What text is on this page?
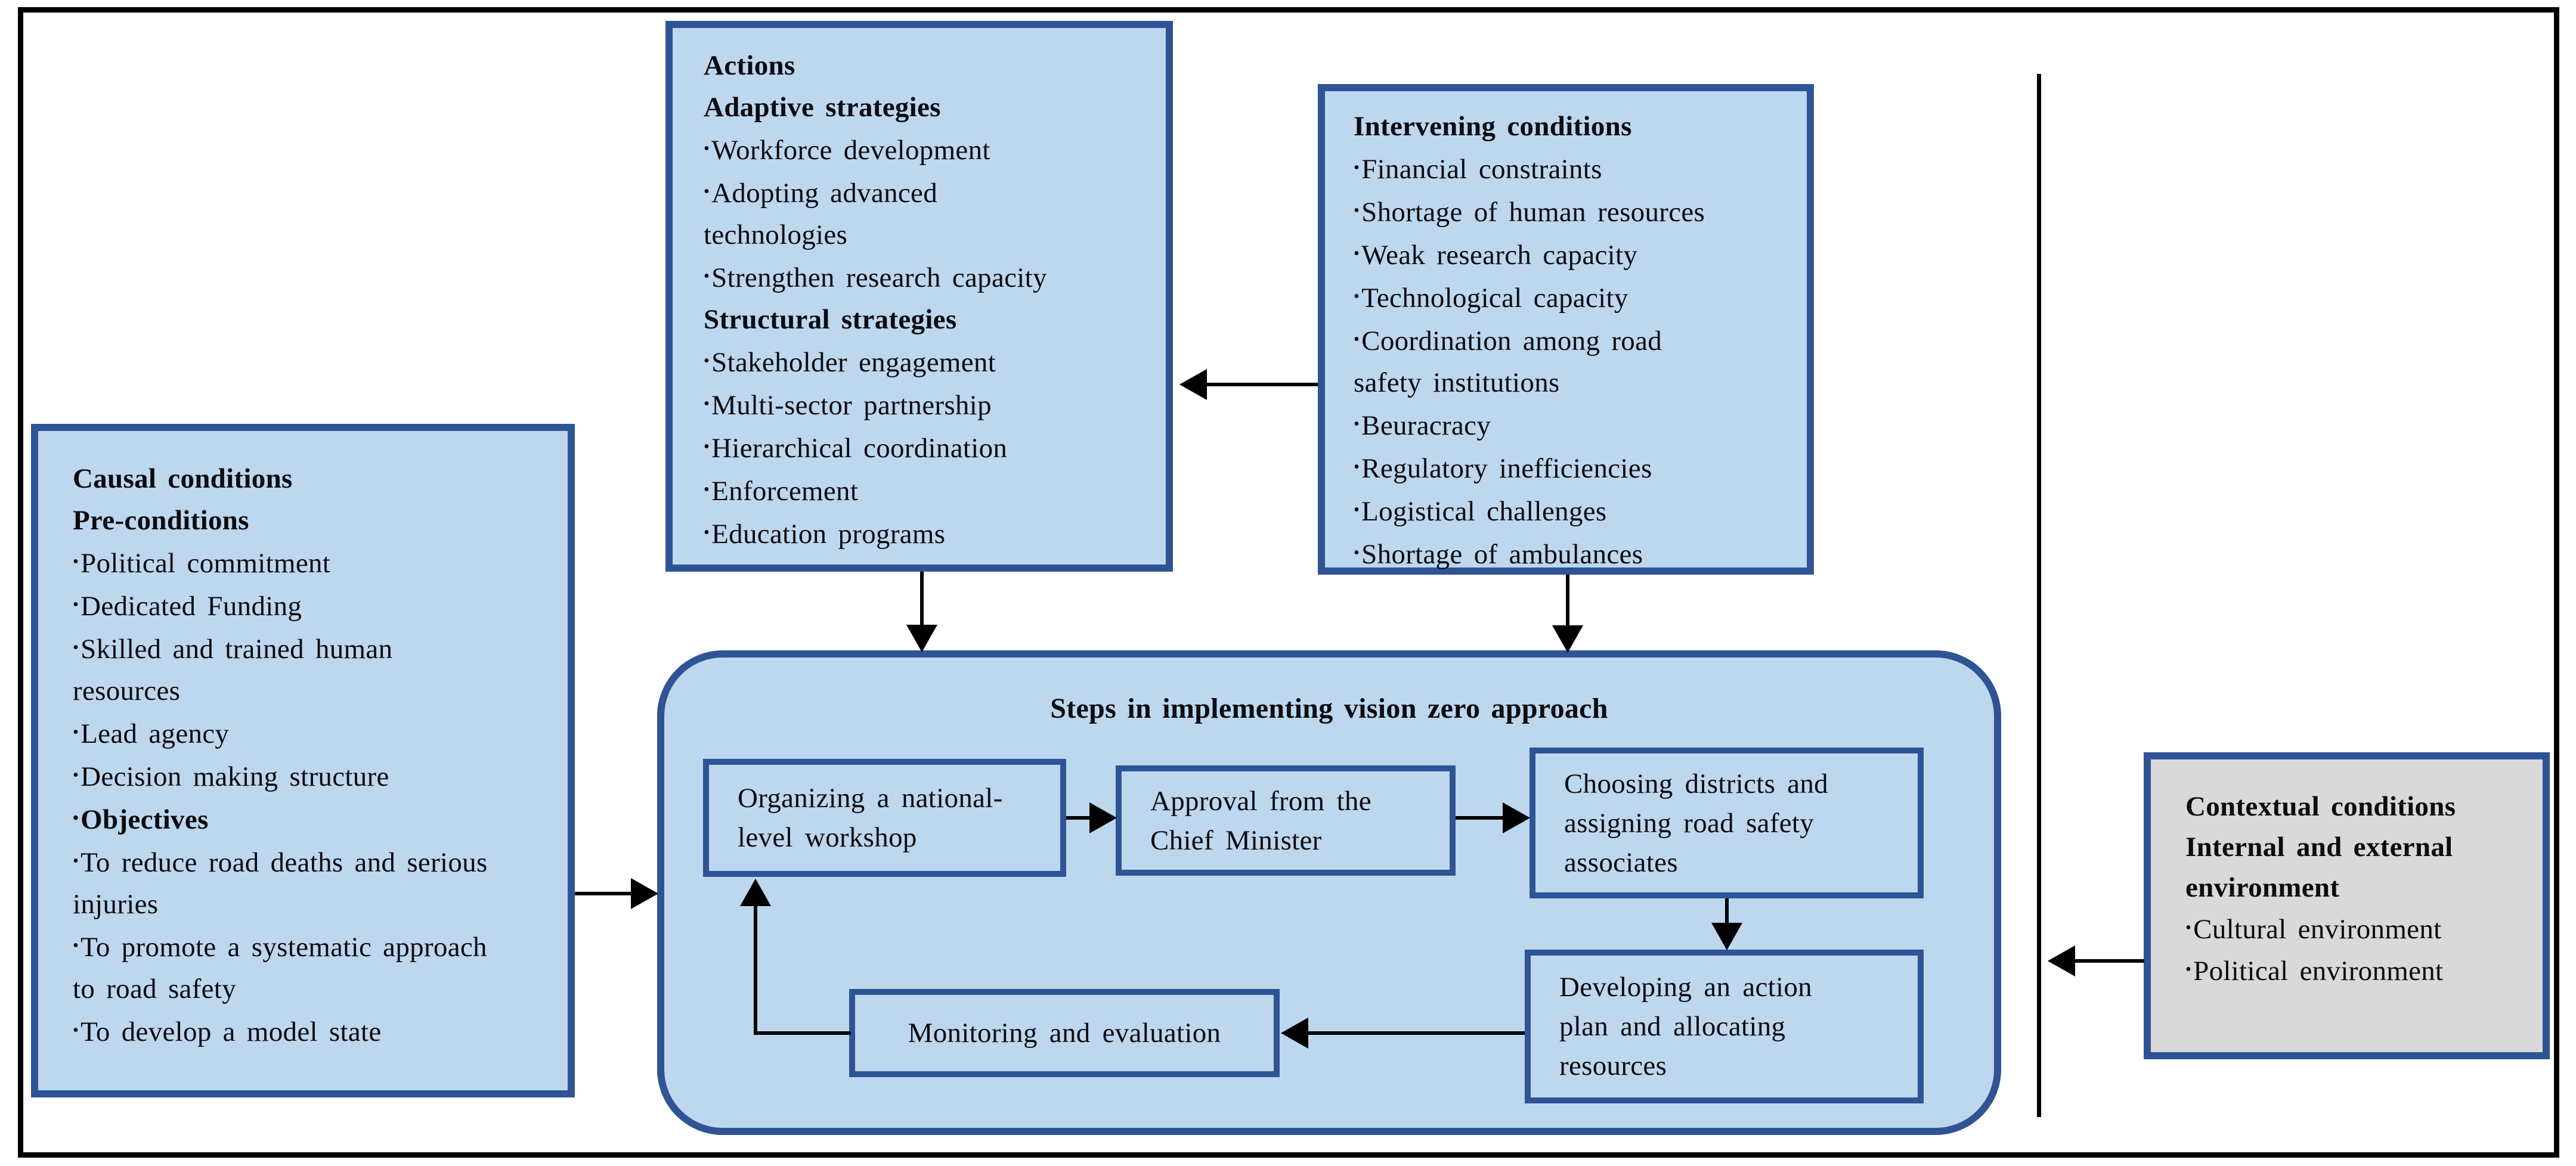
Causal conditions
Pre-conditions
• Political commitment
• Dedicated Funding
• Skilled and trained human resources
• Lead agency
• Decision making structure
• Objectives
• To reduce road deaths and serious injuries
• To promote a systematic approach to road safety
• To develop a model state
Actions
Adaptive strategies
• Workforce development
• Adopting advanced technologies
• Strengthen research capacity
Structural strategies
• Stakeholder engagement
• Multi-sector partnership
• Hierarchical coordination
• Enforcement
• Education programs
Intervening conditions
• Financial constraints
• Shortage of human resources
• Weak research capacity
• Technological capacity
• Coordination among road safety institutions
• Beuracracy
• Regulatory inefficiencies
• Logistical challenges
• Shortage of ambulances
Contextual conditions
Internal and external environment
• Cultural environment
• Political environment
Steps in implementing vision zero approach
Organizing a national-level workshop
Approval from the Chief Minister
Choosing districts and assigning road safety associates
Developing an action plan and allocating resources
Monitoring and evaluation
